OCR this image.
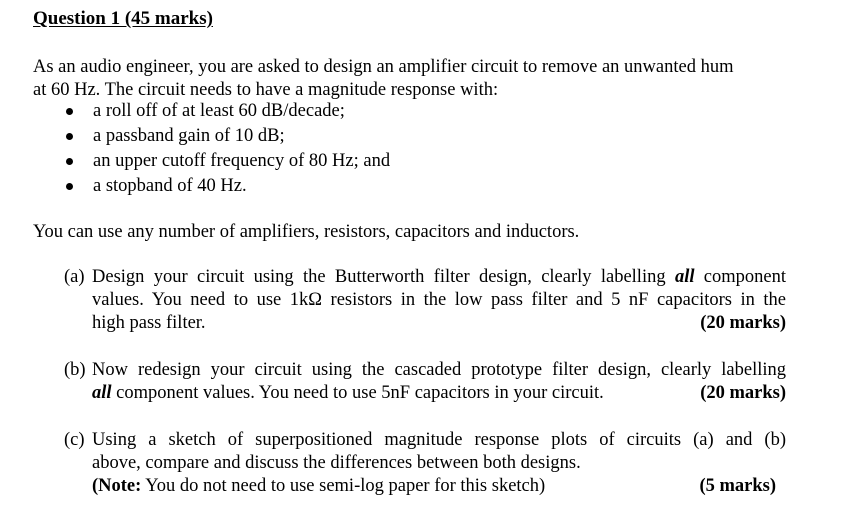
Question 1 (45 marks)
As an audio engineer, you are asked to design an amplifier circuit to remove an unwanted hum
at 60 Hz. The circuit needs to have a magnitude response with:
a roll off of at least 60 dB/decade;
a passband gain of 10 dB;
an upper cutoff frequency of 80 Hz; and
a stopband of 40 Hz.
You can use any number of amplifiers, resistors, capacitors and inductors.
(a) Design your circuit using the Butterworth filter design, clearly labelling all component
values. You need to use 1kΩ resistors in the low pass filter and 5 nF capacitors in the
high pass filter.	(20 marks)
(b) Now redesign your circuit using the cascaded prototype filter design, clearly labelling
all component values. You need to use 5nF capacitors in your circuit.	(20 marks)
(c) Using a sketch of superpositioned magnitude response plots of circuits (a) and (b)
above, compare and discuss the differences between both designs.
(Note: You do not need to use semi-log paper for this sketch)	(5 marks)
